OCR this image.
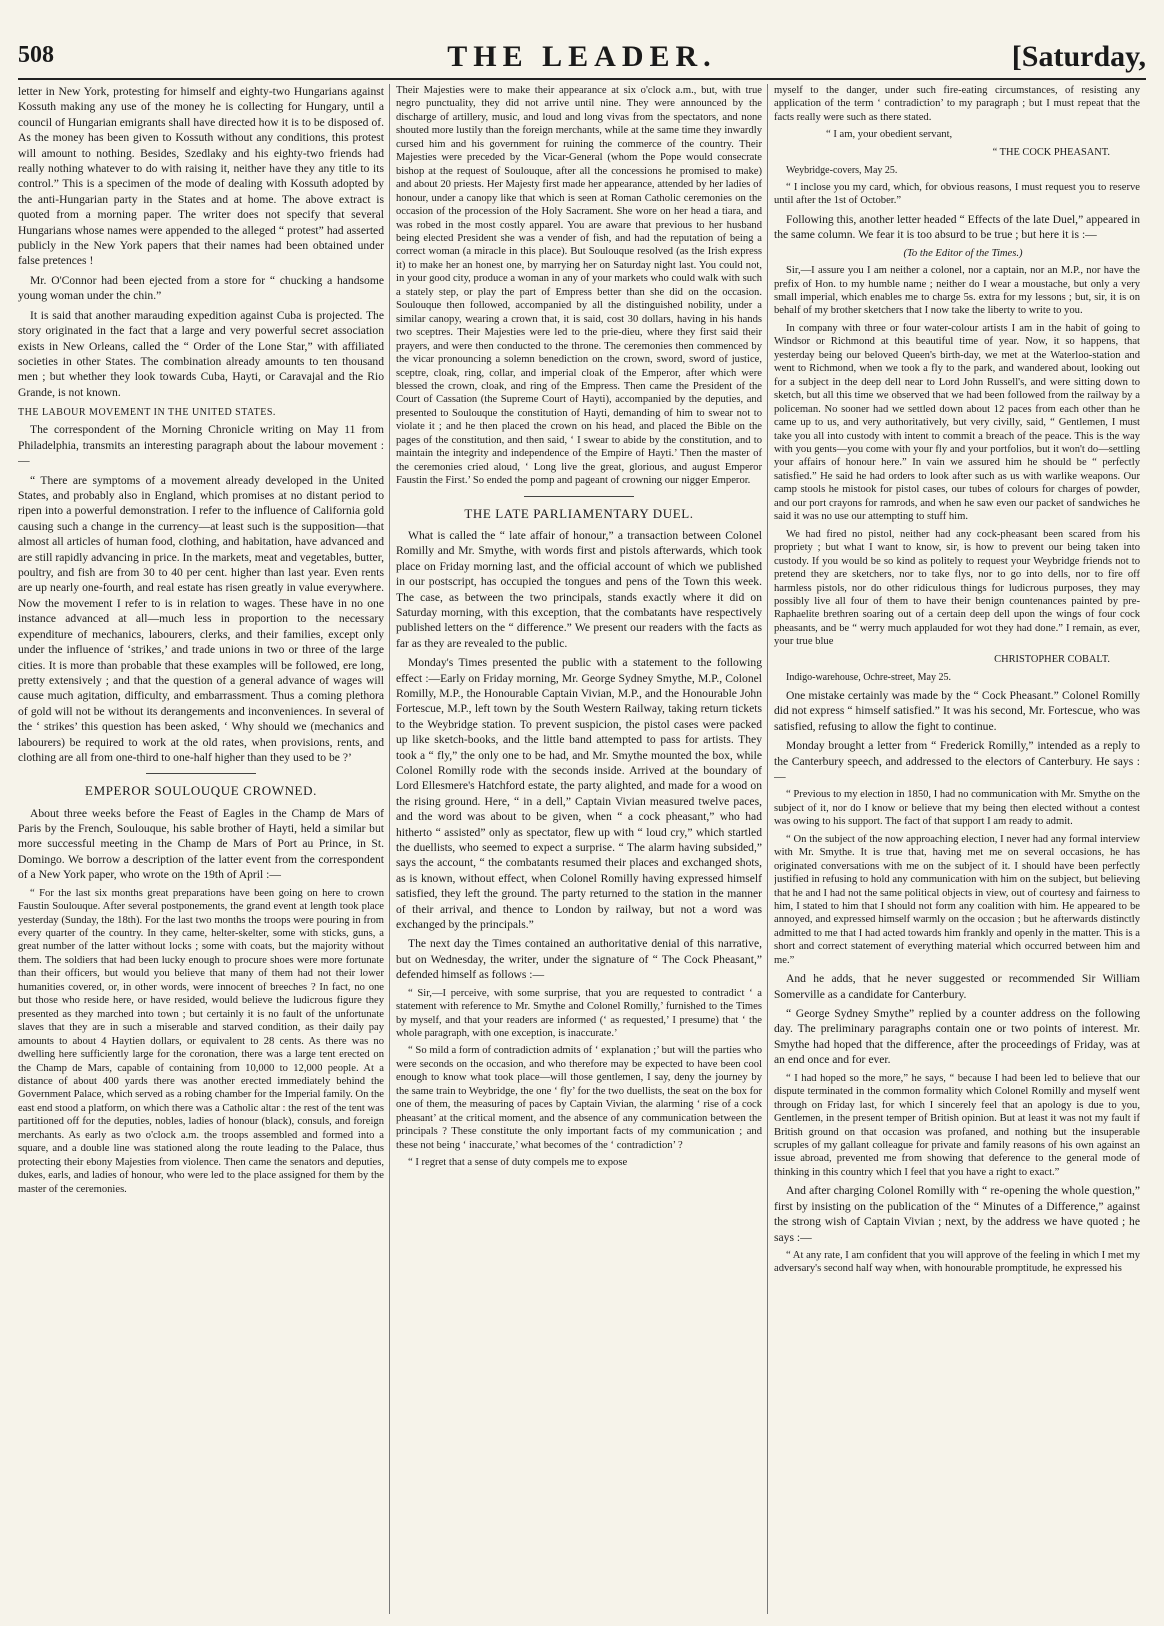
508	THE LEADER.	[Saturday,

letter in New York, protesting for himself and eighty-two Hungarians against Kossuth making any use of the money he is collecting for Hungary, until a council of Hungarian emigrants shall have directed how it is to be disposed of. As the money has been given to Kossuth without any conditions, this protest will amount to nothing. Besides, Szedlaky and his eighty-two friends had really nothing whatever to do with raising it, neither have they any title to its control.” This is a specimen of the mode of dealing with Kossuth adopted by the anti-Hungarian party in the States and at home. The above extract is quoted from a morning paper. The writer does not specify that several Hungarians whose names were appended to the alleged “ protest” had asserted publicly in the New York papers that their names had been obtained under false pretences !

Mr. O'Connor had been ejected from a store for “ chucking a handsome young woman under the chin.”

It is said that another marauding expedition against Cuba is projected. The story originated in the fact that a large and very powerful secret association exists in New Orleans, called the “ Order of the Lone Star,” with affiliated societies in other States. The combination already amounts to ten thousand men ; but whether they look towards Cuba, Hayti, or Caravajal and the Rio Grande, is not known.

THE LABOUR MOVEMENT IN THE UNITED STATES.

The correspondent of the Morning Chronicle writing on May 11 from Philadelphia, transmits an interesting paragraph about the labour movement :—

“ There are symptoms of a movement already developed in the United States, and probably also in England, which promises at no distant period to ripen into a powerful demonstration. I refer to the influence of California gold causing such a change in the currency—at least such is the supposition—that almost all articles of human food, clothing, and habitation, have advanced and are still rapidly advancing in price. In the markets, meat and vegetables, butter, poultry, and fish are from 30 to 40 per cent. higher than last year. Even rents are up nearly one-fourth, and real estate has risen greatly in value everywhere. Now the movement I refer to is in relation to wages. These have in no one instance advanced at all—much less in proportion to the necessary expenditure of mechanics, labourers, clerks, and their families, except only under the influence of ‘strikes,’ and trade unions in two or three of the large cities. It is more than probable that these examples will be followed, ere long, pretty extensively ; and that the question of a general advance of wages will cause much agitation, difficulty, and embarrassment. Thus a coming plethora of gold will not be without its derangements and inconveniences. In several of the ‘ strikes’ this question has been asked, ‘ Why should we (mechanics and labourers) be required to work at the old rates, when provisions, rents, and clothing are all from one-third to one-half higher than they used to be ?’

EMPEROR SOULOUQUE CROWNED.

About three weeks before the Feast of Eagles in the Champ de Mars of Paris by the French, Soulouque, his sable brother of Hayti, held a similar but more successful meeting in the Champ de Mars of Port au Prince, in St. Domingo. We borrow a description of the latter event from the correspondent of a New York paper, who wrote on the 19th of April :—

“ For the last six months great preparations have been going on here to crown Faustin Soulouque. After several postponements, the grand event at length took place yesterday (Sunday, the 18th). For the last two months the troops were pouring in from every quarter of the country. In they came, helter-skelter, some with sticks, guns, a great number of the latter without locks ; some with coats, but the majority without them. The soldiers that had been lucky enough to procure shoes were more fortunate than their officers, but would you believe that many of them had not their lower humanities covered, or, in other words, were innocent of breeches ? In fact, no one but those who reside here, or have resided, would believe the ludicrous figure they presented as they marched into town ; but certainly it is no fault of the unfortunate slaves that they are in such a miserable and starved condition, as their daily pay amounts to about 4 Haytien dollars, or equivalent to 28 cents. As there was no dwelling here sufficiently large for the coronation, there was a large tent erected on the Champ de Mars, capable of containing from 10,000 to 12,000 people. At a distance of about 400 yards there was another erected immediately behind the Government Palace, which served as a robing chamber for the Imperial family. On the east end stood a platform, on which there was a Catholic altar : the rest of the tent was partitioned off for the deputies, nobles, ladies of honour (black), consuls, and foreign merchants. As early as two o'clock a.m. the troops assembled and formed into a square, and a double line was stationed along the route leading to the Palace, thus protecting their ebony Majesties from violence. Then came the senators and deputies, dukes, earls, and ladies of honour, who were led to the place assigned for them by the master of the ceremonies.

Their Majesties were to make their appearance at six o'clock a.m., but, with true negro punctuality, they did not arrive until nine. They were announced by the discharge of artillery, music, and loud and long vivas from the spectators, and none shouted more lustily than the foreign merchants, while at the same time they inwardly cursed him and his government for ruining the commerce of the country. Their Majesties were preceded by the Vicar-General (whom the Pope would consecrate bishop at the request of Soulouque, after all the concessions he promised to make) and about 20 priests. Her Majesty first made her appearance, attended by her ladies of honour, under a canopy like that which is seen at Roman Catholic ceremonies on the occasion of the procession of the Holy Sacrament. She wore on her head a tiara, and was robed in the most costly apparel. You are aware that previous to her husband being elected President she was a vender of fish, and had the reputation of being a correct woman (a miracle in this place). But Soulouque resolved (as the Irish express it) to make her an honest one, by marrying her on Saturday night last. You could not, in your good city, produce a woman in any of your markets who could walk with such a stately step, or play the part of Empress better than she did on the occasion. Soulouque then followed, accompanied by all the distinguished nobility, under a similar canopy, wearing a crown that, it is said, cost 30 dollars, having in his hands two sceptres. Their Majesties were led to the prie-dieu, where they first said their prayers, and were then conducted to the throne. The ceremonies then commenced by the vicar pronouncing a solemn benediction on the crown, sword, sword of justice, sceptre, cloak, ring, collar, and imperial cloak of the Emperor, after which were blessed the crown, cloak, and ring of the Empress. Then came the President of the Court of Cassation (the Supreme Court of Hayti), accompanied by the deputies, and presented to Soulouque the constitution of Hayti, demanding of him to swear not to violate it ; and he then placed the crown on his head, and placed the Bible on the pages of the constitution, and then said, ‘ I swear to abide by the constitution, and to maintain the integrity and independence of the Empire of Hayti.’ Then the master of the ceremonies cried aloud, ‘ Long live the great, glorious, and august Emperor Faustin the First.’ So ended the pomp and pageant of crowning our nigger Emperor.

THE LATE PARLIAMENTARY DUEL.

What is called the “ late affair of honour,” a transaction between Colonel Romilly and Mr. Smythe, with words first and pistols afterwards, which took place on Friday morning last, and the official account of which we published in our postscript, has occupied the tongues and pens of the Town this week. The case, as between the two principals, stands exactly where it did on Saturday morning, with this exception, that the combatants have respectively published letters on the “ difference.” We present our readers with the facts as far as they are revealed to the public.

Monday's Times presented the public with a statement to the following effect :—Early on Friday morning, Mr. George Sydney Smythe, M.P., Colonel Romilly, M.P., the Honourable Captain Vivian, M.P., and the Honourable John Fortescue, M.P., left town by the South Western Railway, taking return tickets to the Weybridge station. To prevent suspicion, the pistol cases were packed up like sketch-books, and the little band attempted to pass for artists. They took a “ fly,” the only one to be had, and Mr. Smythe mounted the box, while Colonel Romilly rode with the seconds inside. Arrived at the boundary of Lord Ellesmere's Hatchford estate, the party alighted, and made for a wood on the rising ground. Here, “ in a dell,” Captain Vivian measured twelve paces, and the word was about to be given, when “ a cock pheasant,” who had hitherto “ assisted” only as spectator, flew up with “ loud cry,” which startled the duellists, who seemed to expect a surprise. “ The alarm having subsided,” says the account, “ the combatants resumed their places and exchanged shots, as is known, without effect, when Colonel Romilly having expressed himself satisfied, they left the ground. The party returned to the station in the manner of their arrival, and thence to London by railway, but not a word was exchanged by the principals.”

The next day the Times contained an authoritative denial of this narrative, but on Wednesday, the writer, under the signature of “ The Cock Pheasant,” defended himself as follows :—

“ Sir,—I perceive, with some surprise, that you are requested to contradict ‘ a statement with reference to Mr. Smythe and Colonel Romilly,’ furnished to the Times by myself, and that your readers are informed (‘ as requested,’ I presume) that ‘ the whole paragraph, with one exception, is inaccurate.’

“ So mild a form of contradiction admits of ‘ explanation ;’ but will the parties who were seconds on the occasion, and who therefore may be expected to have been cool enough to know what took place—will those gentlemen, I say, deny the journey by the same train to Weybridge, the one ‘ fly’ for the two duellists, the seat on the box for one of them, the measuring of paces by Captain Vivian, the alarming ‘ rise of a cock pheasant’ at the critical moment, and the absence of any communication between the principals ? These constitute the only important facts of my communication ; and these not being ‘ inaccurate,’ what becomes of the ‘ contradiction’ ?

“ I regret that a sense of duty compels me to expose

myself to the danger, under such fire-eating circumstances, of resisting any application of the term ‘ contradiction’ to my paragraph ; but I must repeat that the facts really were such as there stated.

“ I am, your obedient servant,

“ THE COCK PHEASANT.

Weybridge-covers, May 25.

“ I inclose you my card, which, for obvious reasons, I must request you to reserve until after the 1st of October.”

Following this, another letter headed “ Effects of the late Duel,” appeared in the same column. We fear it is too absurd to be true ; but here it is :—

(To the Editor of the Times.)

Sir,—I assure you I am neither a colonel, nor a captain, nor an M.P., nor have the prefix of Hon. to my humble name ; neither do I wear a moustache, but only a very small imperial, which enables me to charge 5s. extra for my lessons ; but, sir, it is on behalf of my brother sketchers that I now take the liberty to write to you.

In company with three or four water-colour artists I am in the habit of going to Windsor or Richmond at this beautiful time of year. Now, it so happens, that yesterday being our beloved Queen's birth-day, we met at the Waterloo-station and went to Richmond, when we took a fly to the park, and wandered about, looking out for a subject in the deep dell near to Lord John Russell's, and were sitting down to sketch, but all this time we observed that we had been followed from the railway by a policeman. No sooner had we settled down about 12 paces from each other than he came up to us, and very authoritatively, but very civilly, said, “ Gentlemen, I must take you all into custody with intent to commit a breach of the peace. This is the way with you gents—you come with your fly and your portfolios, but it won't do—settling your affairs of honour here.” In vain we assured him he should be “ perfectly satisfied.” He said he had orders to look after such as us with warlike weapons. Our camp stools he mistook for pistol cases, our tubes of colours for charges of powder, and our port crayons for ramrods, and when he saw even our packet of sandwiches he said it was no use our attempting to stuff him.

We had fired no pistol, neither had any cock-pheasant been scared from his propriety ; but what I want to know, sir, is how to prevent our being taken into custody. If you would be so kind as politely to request your Weybridge friends not to pretend they are sketchers, nor to take flys, nor to go into dells, nor to fire off harmless pistols, nor do other ridiculous things for ludicrous purposes, they may possibly live all four of them to have their benign countenances painted by pre-Raphaelite brethren soaring out of a certain deep dell upon the wings of four cock pheasants, and be “ werry much applauded for wot they had done.” I remain, as ever, your true blue

CHRISTOPHER COBALT.

Indigo-warehouse, Ochre-street, May 25.

One mistake certainly was made by the “ Cock Pheasant.” Colonel Romilly did not express “ himself satisfied.” It was his second, Mr. Fortescue, who was satisfied, refusing to allow the fight to continue.

Monday brought a letter from “ Frederick Romilly,” intended as a reply to the Canterbury speech, and addressed to the electors of Canterbury. He says :—

“ Previous to my election in 1850, I had no communication with Mr. Smythe on the subject of it, nor do I know or believe that my being then elected without a contest was owing to his support. The fact of that support I am ready to admit.

“ On the subject of the now approaching election, I never had any formal interview with Mr. Smythe. It is true that, having met me on several occasions, he has originated conversations with me on the subject of it. I should have been perfectly justified in refusing to hold any communication with him on the subject, but believing that he and I had not the same political objects in view, out of courtesy and fairness to him, I stated to him that I should not form any coalition with him. He appeared to be annoyed, and expressed himself warmly on the occasion ; but he afterwards distinctly admitted to me that I had acted towards him frankly and openly in the matter. This is a short and correct statement of everything material which occurred between him and me.”

And he adds, that he never suggested or recommended Sir William Somerville as a candidate for Canterbury.

“ George Sydney Smythe” replied by a counter address on the following day. The preliminary paragraphs contain one or two points of interest. Mr. Smythe had hoped that the difference, after the proceedings of Friday, was at an end once and for ever.

“ I had hoped so the more,” he says, “ because I had been led to believe that our dispute terminated in the common formality which Colonel Romilly and myself went through on Friday last, for which I sincerely feel that an apology is due to you, Gentlemen, in the present temper of British opinion. But at least it was not my fault if British ground on that occasion was profaned, and nothing but the insuperable scruples of my gallant colleague for private and family reasons of his own against an issue abroad, prevented me from showing that deference to the general mode of thinking in this country which I feel that you have a right to exact.”

And after charging Colonel Romilly with “ re-opening the whole question,” first by insisting on the publication of the “ Minutes of a Difference,” against the strong wish of Captain Vivian ; next, by the address we have quoted ; he says :—

“ At any rate, I am confident that you will approve of the feeling in which I met my adversary's second half way when, with honourable promptitude, he expressed his
